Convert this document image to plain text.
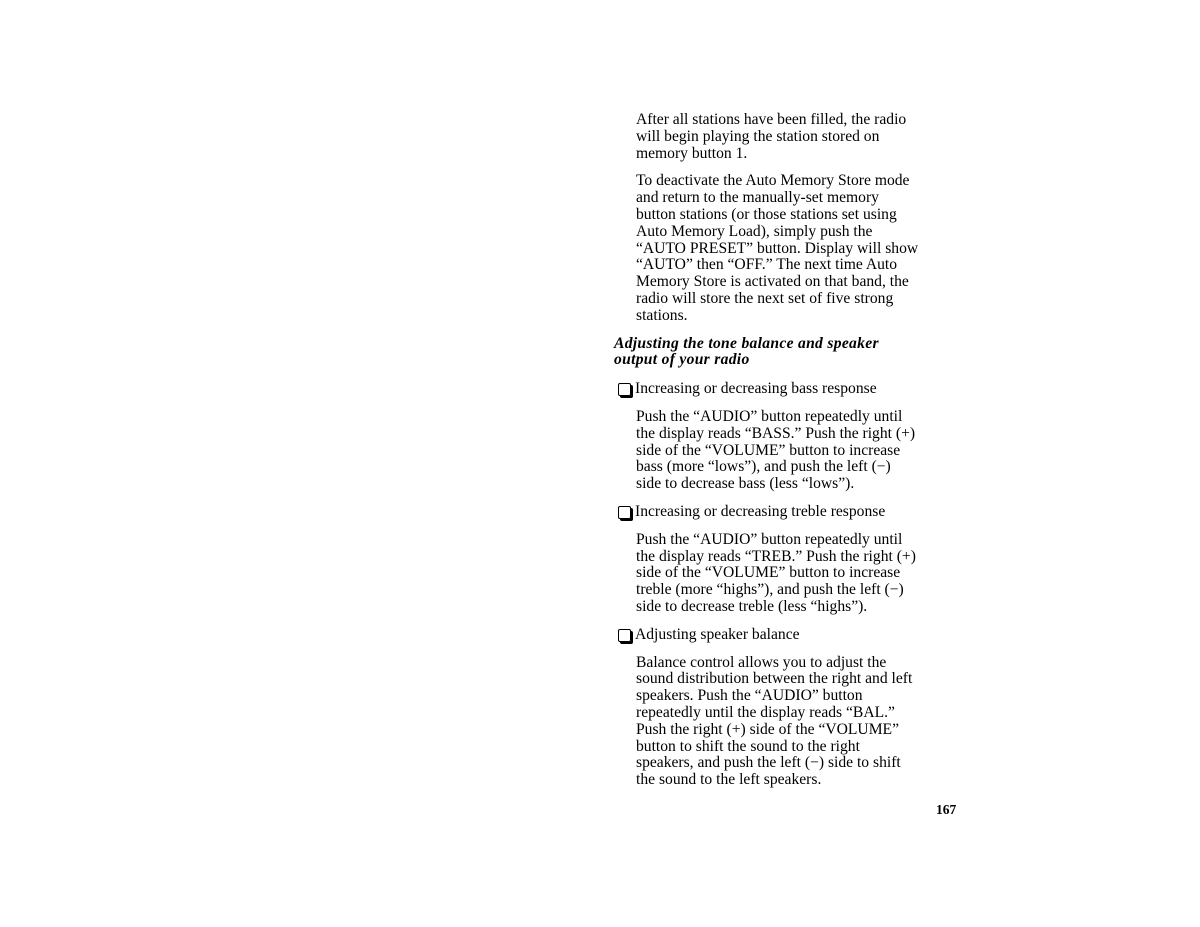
After all stations have been filled, the radio
will begin playing the station stored on
memory button 1.

To deactivate the Auto Memory Store mode
and return to the manually-set memory
button stations (or those stations set using
Auto Memory Load), simply push the
“AUTO PRESET” button. Display will show
“AUTO” then “OFF.” The next time Auto
Memory Store is activated on that band, the
radio will store the next set of five strong
stations.

Adjusting the tone balance and speaker
output of your radio
Increasing or decreasing bass response

Push the “AUDIO” button repeatedly until
the display reads “BASS.” Push the right (+)
side of the “VOLUME” button to increase
bass (more “lows”), and push the left (−)
side to decrease bass (less “lows”).

Increasing or decreasing treble response

Push the “AUDIO” button repeatedly until
the display reads “TREB.” Push the right (+)
side of the “VOLUME” button to increase
treble (more “highs”), and push the left (−)
side to decrease treble (less “highs”).

Adjusting speaker balance

Balance control allows you to adjust the
sound distribution between the right and left
speakers. Push the “AUDIO” button
repeatedly until the display reads “BAL.”
Push the right (+) side of the “VOLUME”
button to shift the sound to the right
speakers, and push the left (−) side to shift
the sound to the left speakers.

167
